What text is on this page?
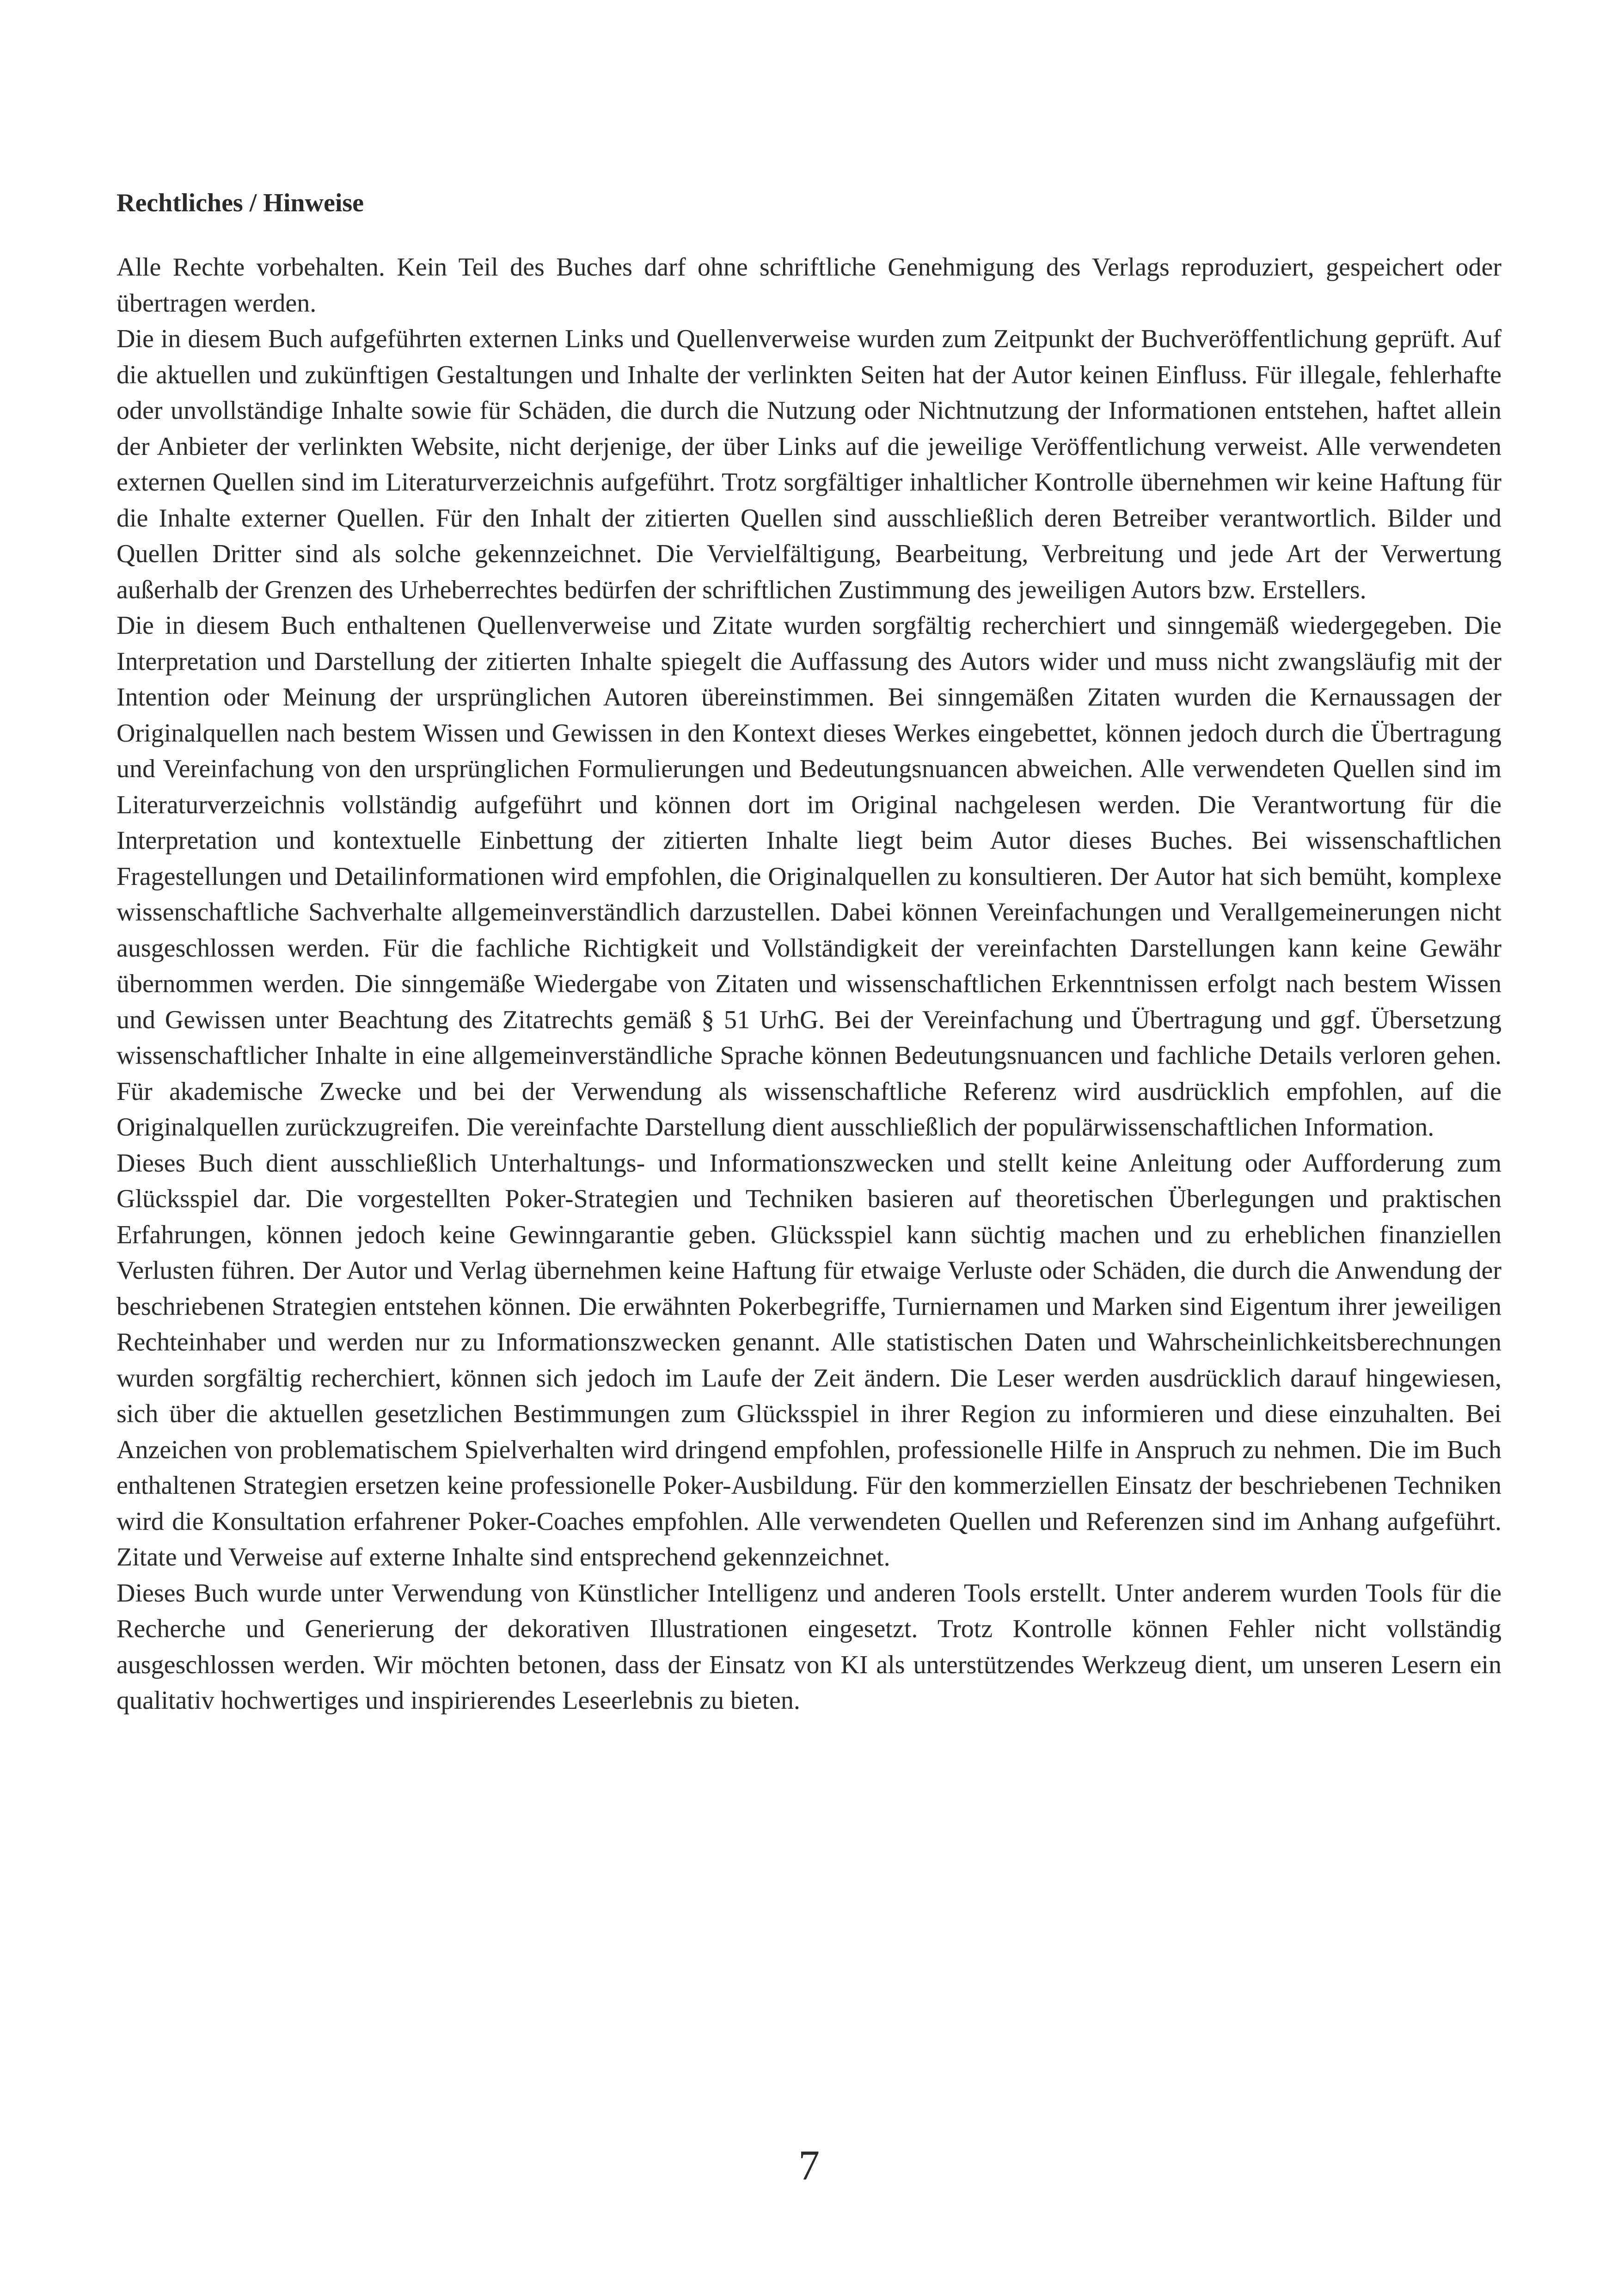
Rechtliches / Hinweise

Alle Rechte vorbehalten. Kein Teil des Buches darf ohne schriftliche Genehmigung des Verlags reproduziert, gespeichert oder übertragen werden.

Die in diesem Buch aufgeführten externen Links und Quellenverweise wurden zum Zeitpunkt der Buchveröffentlichung geprüft. Auf die aktuellen und zukünftigen Gestaltungen und Inhalte der verlinkten Seiten hat der Autor keinen Einfluss. Für illegale, fehlerhafte oder unvollständige Inhalte sowie für Schäden, die durch die Nutzung oder Nichtnutzung der Informationen entstehen, haftet allein der Anbieter der verlinkten Website, nicht derjenige, der über Links auf die jeweilige Veröffentlichung verweist. Alle verwendeten externen Quellen sind im Literaturverzeichnis aufgeführt. Trotz sorgfältiger inhaltlicher Kontrolle übernehmen wir keine Haftung für die Inhalte externer Quellen. Für den Inhalt der zitierten Quellen sind ausschließlich deren Betreiber verantwortlich. Bilder und Quellen Dritter sind als solche gekennzeichnet. Die Vervielfältigung, Bearbeitung, Verbreitung und jede Art der Verwertung außerhalb der Grenzen des Urheberrechtes bedürfen der schriftlichen Zustimmung des jeweiligen Autors bzw. Erstellers.

Die in diesem Buch enthaltenen Quellenverweise und Zitate wurden sorgfältig recherchiert und sinngemäß wiedergegeben. Die Interpretation und Darstellung der zitierten Inhalte spiegelt die Auffassung des Autors wider und muss nicht zwangsläufig mit der Intention oder Meinung der ursprünglichen Autoren übereinstimmen. Bei sinngemäßen Zitaten wurden die Kernaussagen der Originalquellen nach bestem Wissen und Gewissen in den Kontext dieses Werkes eingebettet, können jedoch durch die Übertragung und Vereinfachung von den ursprünglichen Formulierungen und Bedeutungsnuancen abweichen. Alle verwendeten Quellen sind im Literaturverzeichnis vollständig aufgeführt und können dort im Original nachgelesen werden. Die Verantwortung für die Interpretation und kontextuelle Einbettung der zitierten Inhalte liegt beim Autor dieses Buches. Bei wissenschaftlichen Fragestellungen und Detailinformationen wird empfohlen, die Originalquellen zu konsultieren. Der Autor hat sich bemüht, komplexe wissenschaftliche Sachverhalte allgemeinverständlich darzustellen. Dabei können Vereinfachungen und Verallgemeinerungen nicht ausgeschlossen werden. Für die fachliche Richtigkeit und Vollständigkeit der vereinfachten Darstellungen kann keine Gewähr übernommen werden. Die sinngemäße Wiedergabe von Zitaten und wissenschaftlichen Erkenntnissen erfolgt nach bestem Wissen und Gewissen unter Beachtung des Zitatrechts gemäß § 51 UrhG. Bei der Vereinfachung und Übertragung und ggf. Übersetzung wissenschaftlicher Inhalte in eine allgemeinverständliche Sprache können Bedeutungsnuancen und fachliche Details verloren gehen. Für akademische Zwecke und bei der Verwendung als wissenschaftliche Referenz wird ausdrücklich empfohlen, auf die Originalquellen zurückzugreifen. Die vereinfachte Darstellung dient ausschließlich der populärwissenschaftlichen Information.

Dieses Buch dient ausschließlich Unterhaltungs- und Informationszwecken und stellt keine Anleitung oder Aufforderung zum Glücksspiel dar. Die vorgestellten Poker-Strategien und Techniken basieren auf theoretischen Überlegungen und praktischen Erfahrungen, können jedoch keine Gewinngarantie geben. Glücksspiel kann süchtig machen und zu erheblichen finanziellen Verlusten führen. Der Autor und Verlag übernehmen keine Haftung für etwaige Verluste oder Schäden, die durch die Anwendung der beschriebenen Strategien entstehen können. Die erwähnten Pokerbegriffe, Turniernamen und Marken sind Eigentum ihrer jeweiligen Rechteinhaber und werden nur zu Informationszwecken genannt. Alle statistischen Daten und Wahrscheinlichkeitsberechnungen wurden sorgfältig recherchiert, können sich jedoch im Laufe der Zeit ändern. Die Leser werden ausdrücklich darauf hingewiesen, sich über die aktuellen gesetzlichen Bestimmungen zum Glücksspiel in ihrer Region zu informieren und diese einzuhalten. Bei Anzeichen von problematischem Spielverhalten wird dringend empfohlen, professionelle Hilfe in Anspruch zu nehmen. Die im Buch enthaltenen Strategien ersetzen keine professionelle Poker-Ausbildung. Für den kommerziellen Einsatz der beschriebenen Techniken wird die Konsultation erfahrener Poker-Coaches empfohlen. Alle verwendeten Quellen und Referenzen sind im Anhang aufgeführt. Zitate und Verweise auf externe Inhalte sind entsprechend gekennzeichnet.

Dieses Buch wurde unter Verwendung von Künstlicher Intelligenz und anderen Tools erstellt. Unter anderem wurden Tools für die Recherche und Generierung der dekorativen Illustrationen eingesetzt. Trotz Kontrolle können Fehler nicht vollständig ausgeschlossen werden. Wir möchten betonen, dass der Einsatz von KI als unterstützendes Werkzeug dient, um unseren Lesern ein qualitativ hochwertiges und inspirierendes Leseerlebnis zu bieten.

7
